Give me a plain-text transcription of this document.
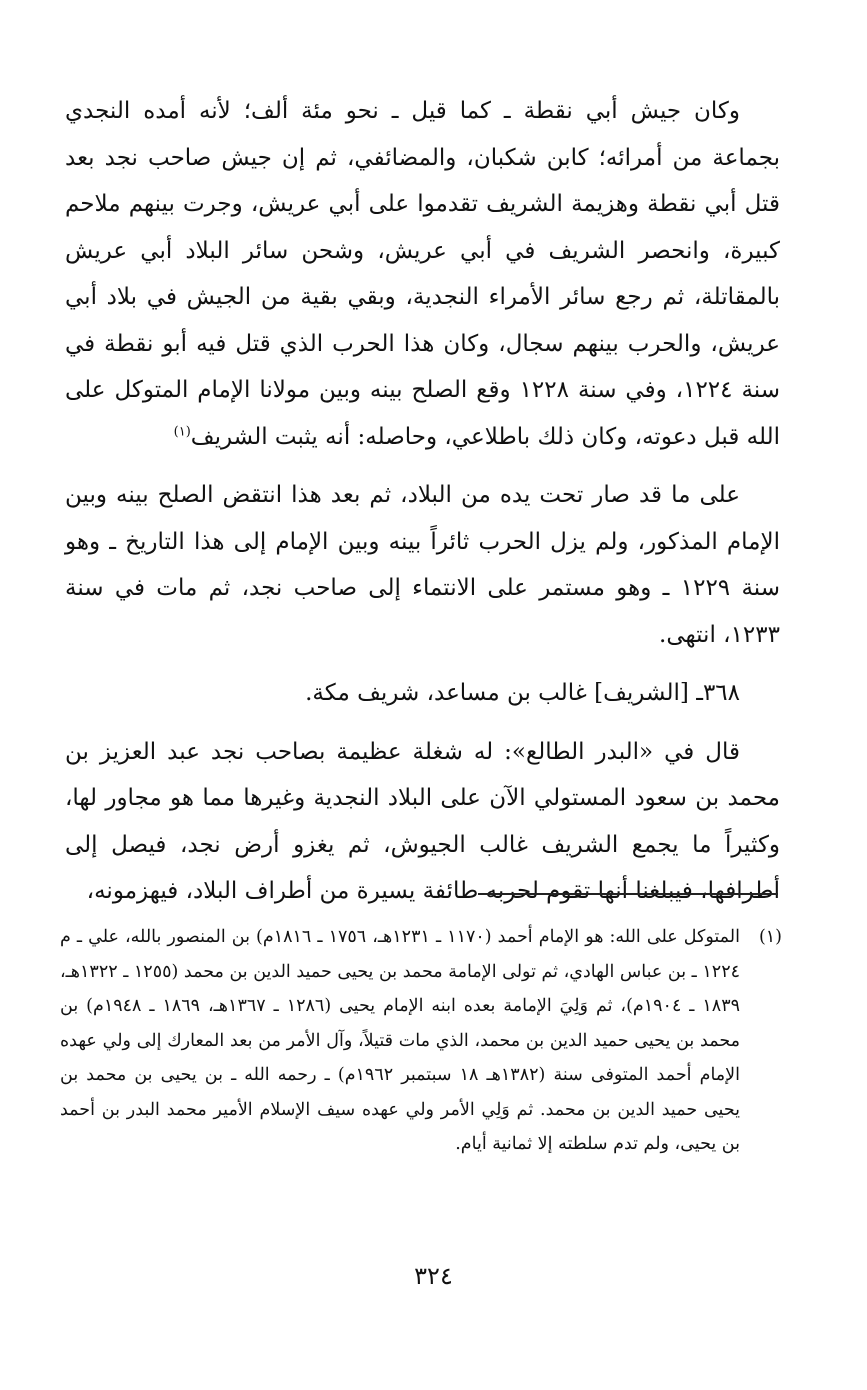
وكان جيش أبي نقطة ـ كما قيل ـ نحو مئة ألف؛ لأنه أمده النجدي بجماعة من أمرائه؛ كابن شكبان، والمضائفي، ثم إن جيش صاحب نجد بعد قتل أبي نقطة وهزيمة الشريف تقدموا على أبي عريش، وجرت بينهم ملاحم كبيرة، وانحصر الشريف في أبي عريش، وشحن سائر البلاد أبي عريش بالمقاتلة، ثم رجع سائر الأمراء النجدية، وبقي بقية من الجيش في بلاد أبي عريش، والحرب بينهم سجال، وكان هذا الحرب الذي قتل فيه أبو نقطة في سنة ١٢٢٤، وفي سنة ١٢٢٨ وقع الصلح بينه وبين مولانا الإمام المتوكل على الله قبل دعوته، وكان ذلك باطلاعي، وحاصله: أنه يثبت الشريف$^{(١)}$

على ما قد صار تحت يده من البلاد، ثم بعد هذا انتقض الصلح بينه وبين الإمام المذكور، ولم يزل الحرب ثائراً بينه وبين الإمام إلى هذا التاريخ ـ وهو سنة ١٢٢٩ ـ وهو مستمر على الانتماء إلى صاحب نجد، ثم مات في سنة ١٢٣٣، انتهى.

٣٦٨ـ [الشريف] غالب بن مساعد، شريف مكة.

قال في «البدر الطالع»: له شغلة عظيمة بصاحب نجد عبد العزيز بن محمد بن سعود المستولي الآن على البلاد النجدية وغيرها مما هو مجاور لها، وكثيراً ما يجمع الشريف غالب الجيوش، ثم يغزو أرض نجد، فيصل إلى أطرافها، فيبلغنا أنها تقوم لحربه طائفة يسيرة من أطراف البلاد، فيهزمونه،

(١)
المتوكل على الله: هو الإمام أحمد (١١٧٠ ـ ١٢٣١هـ، ١٧٥٦ ـ ١٨١٦م) بن المنصور بالله، علي ـ م ١٢٢٤ ـ بن عباس الهادي، ثم تولى الإمامة محمد بن يحيى حميد الدين بن محمد (١٢٥٥ ـ ١٣٢٢هـ، ١٨٣٩ ـ ١٩٠٤م)، ثم وَلِيَ الإمامة بعده ابنه الإمام يحيى (١٢٨٦ ـ ١٣٦٧هـ، ١٨٦٩ ـ ١٩٤٨م) بن محمد بن يحيى حميد الدين بن محمد، الذي مات قتيلاً، وآل الأمر من بعد المعارك إلى ولي عهده الإمام أحمد المتوفى سنة (١٣٨٢هـ ١٨ سبتمبر ١٩٦٢م) ـ رحمه الله ـ بن يحيى بن محمد بن يحيى حميد الدين بن محمد. ثم وَلِي الأمر ولي عهده سيف الإسلام الأمير محمد البدر بن أحمد بن يحيى، ولم تدم سلطته إلا ثمانية أيام.
٣٢٤
